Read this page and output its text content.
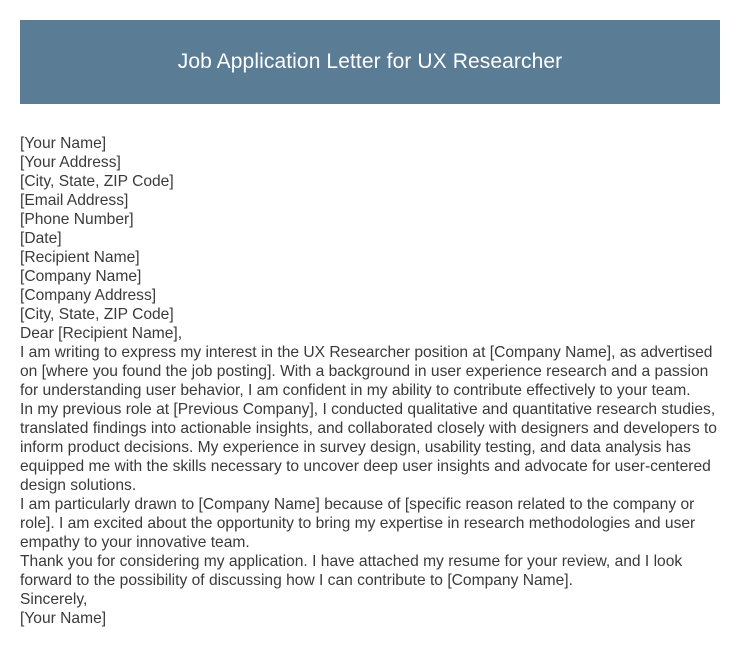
Job Application Letter for UX Researcher
[Your Name]
[Your Address]
[City, State, ZIP Code]
[Email Address]
[Phone Number]
[Date]
[Recipient Name]
[Company Name]
[Company Address]
[City, State, ZIP Code]
Dear [Recipient Name],
I am writing to express my interest in the UX Researcher position at [Company Name], as advertised on [where you found the job posting]. With a background in user experience research and a passion for understanding user behavior, I am confident in my ability to contribute effectively to your team.
In my previous role at [Previous Company], I conducted qualitative and quantitative research studies, translated findings into actionable insights, and collaborated closely with designers and developers to inform product decisions. My experience in survey design, usability testing, and data analysis has equipped me with the skills necessary to uncover deep user insights and advocate for user-centered design solutions.
I am particularly drawn to [Company Name] because of [specific reason related to the company or role]. I am excited about the opportunity to bring my expertise in research methodologies and user empathy to your innovative team.
Thank you for considering my application. I have attached my resume for your review, and I look forward to the possibility of discussing how I can contribute to [Company Name].
Sincerely,
[Your Name]
